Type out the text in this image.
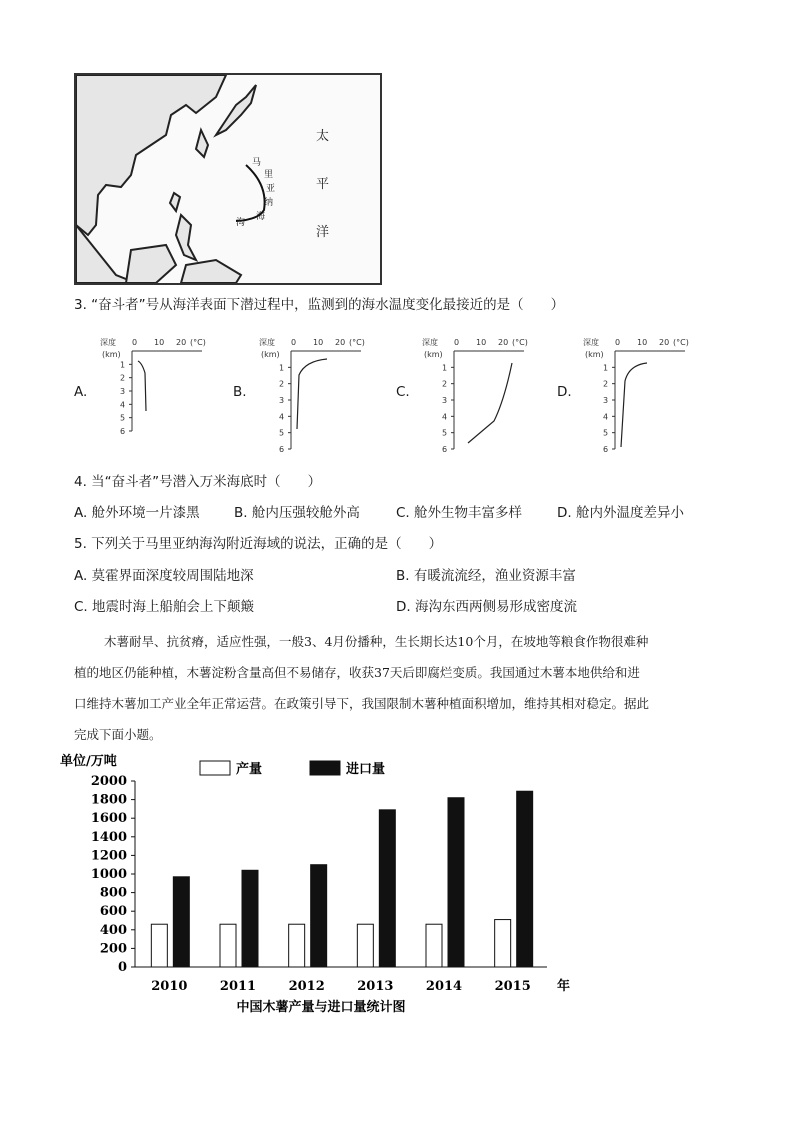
太
平
洋
马
里
亚
纳
海
沟
3. “奋斗者”号从海洋表面下潜过程中，监测到的海水温度变化最接近的是（　　）
A.
深度 0 10 20 (°C)
(km)
1
2
3
4
5
6
B.
深度 0 10 20 (°C)
(km)
1
2
3
4
5
6
C.
深度 0 10 20 (°C)
(km)
1
2
3
4
5
6
D.
深度 0 10 20 (°C)
(km)
1
2
3
4
5
6
4. 当“奋斗者”号潜入万米海底时（　　）
A. 舱外环境一片漆黑	B. 舱内压强较舱外高	C. 舱外生物丰富多样	D. 舱内外温度差异小
5. 下列关于马里亚纳海沟附近海域的说法，正确的是（　　）
A. 莫霍界面深度较周围陆地深	B. 有暖流流经，渔业资源丰富
C. 地震时海上船舶会上下颠簸	D. 海沟东西两侧易形成密度流
木薯耐旱、抗贫瘠，适应性强，一般3、4月份播种，生长期长达10个月，在坡地等粮食作物很难种
植的地区仍能种植，木薯淀粉含量高但不易储存，收获37天后即腐烂变质。我国通过木薯本地供给和进
口维持木薯加工产业全年正常运营。在政策引导下，我国限制木薯种植面积增加，维持其相对稳定。据此
完成下面小题。
单位/万吨
0
200
400
600
800
1000
1200
1400
1600
1800
2000
2010 2011 2012 2013 2014 2015 年
产量	进口量
中国木薯产量与进口量统计图
